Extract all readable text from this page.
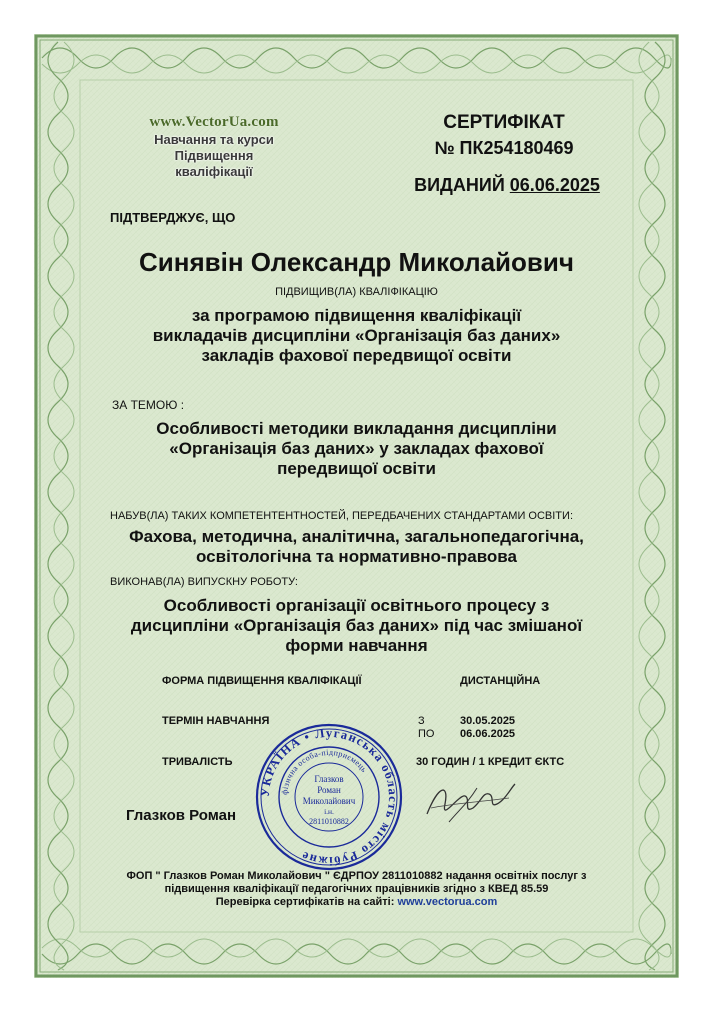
www.VectorUa.com
Навчання та курси
Підвищення
кваліфікації
СЕРТИФІКАТ
№ ПК254180469
ВИДАНИЙ 06.06.2025
ПІДТВЕРДЖУЄ, ЩО
Синявін Олександр Миколайович
ПІДВИЩИВ(ЛА) КВАЛІФІКАЦІЮ
за програмою підвищення кваліфікації
викладачів дисципліни «Організація баз даних»
закладів фахової передвищої освіти
ЗА ТЕМОЮ :
Особливості методики викладання дисципліни
«Організація баз даних» у закладах фахової
передвищої освіти
НАБУВ(ЛА) ТАКИХ КОМПЕТЕНТЕНТНОСТЕЙ, ПЕРЕДБАЧЕНИХ СТАНДАРТАМИ ОСВІТИ:
Фахова, методична, аналітична, загальнопедагогічна,
освітологічна та нормативно-правова
ВИКОНАВ(ЛА) ВИПУСКНУ РОБОТУ:
Особливості організації освітнього процесу з
дисципліни «Організація баз даних» під час змішаної
форми навчання
ФОРМА ПІДВИЩЕННЯ КВАЛІФІКАЦІЇ	ДИСТАНЦІЙНА
ТЕРМІН НАВЧАННЯ	З	30.05.2025
ПО 06.06.2025
ТРИВАЛІСТЬ	30 ГОДИН / 1 КРЕДИТ ЄКТС
Глазков Роман
УКРАЇНА • Луганська область місто Рубіжне
фізична особа-підприємець
Глазков
Роман
Миколайович
і.н.
2811010882
ФОП " Глазков Роман Миколайович " ЄДРПОУ 2811010882 надання освітніх послуг з
підвищення кваліфікації педагогічних працівників згідно з КВЕД 85.59
Перевірка сертифікатів на сайті: www.vectorua.com
